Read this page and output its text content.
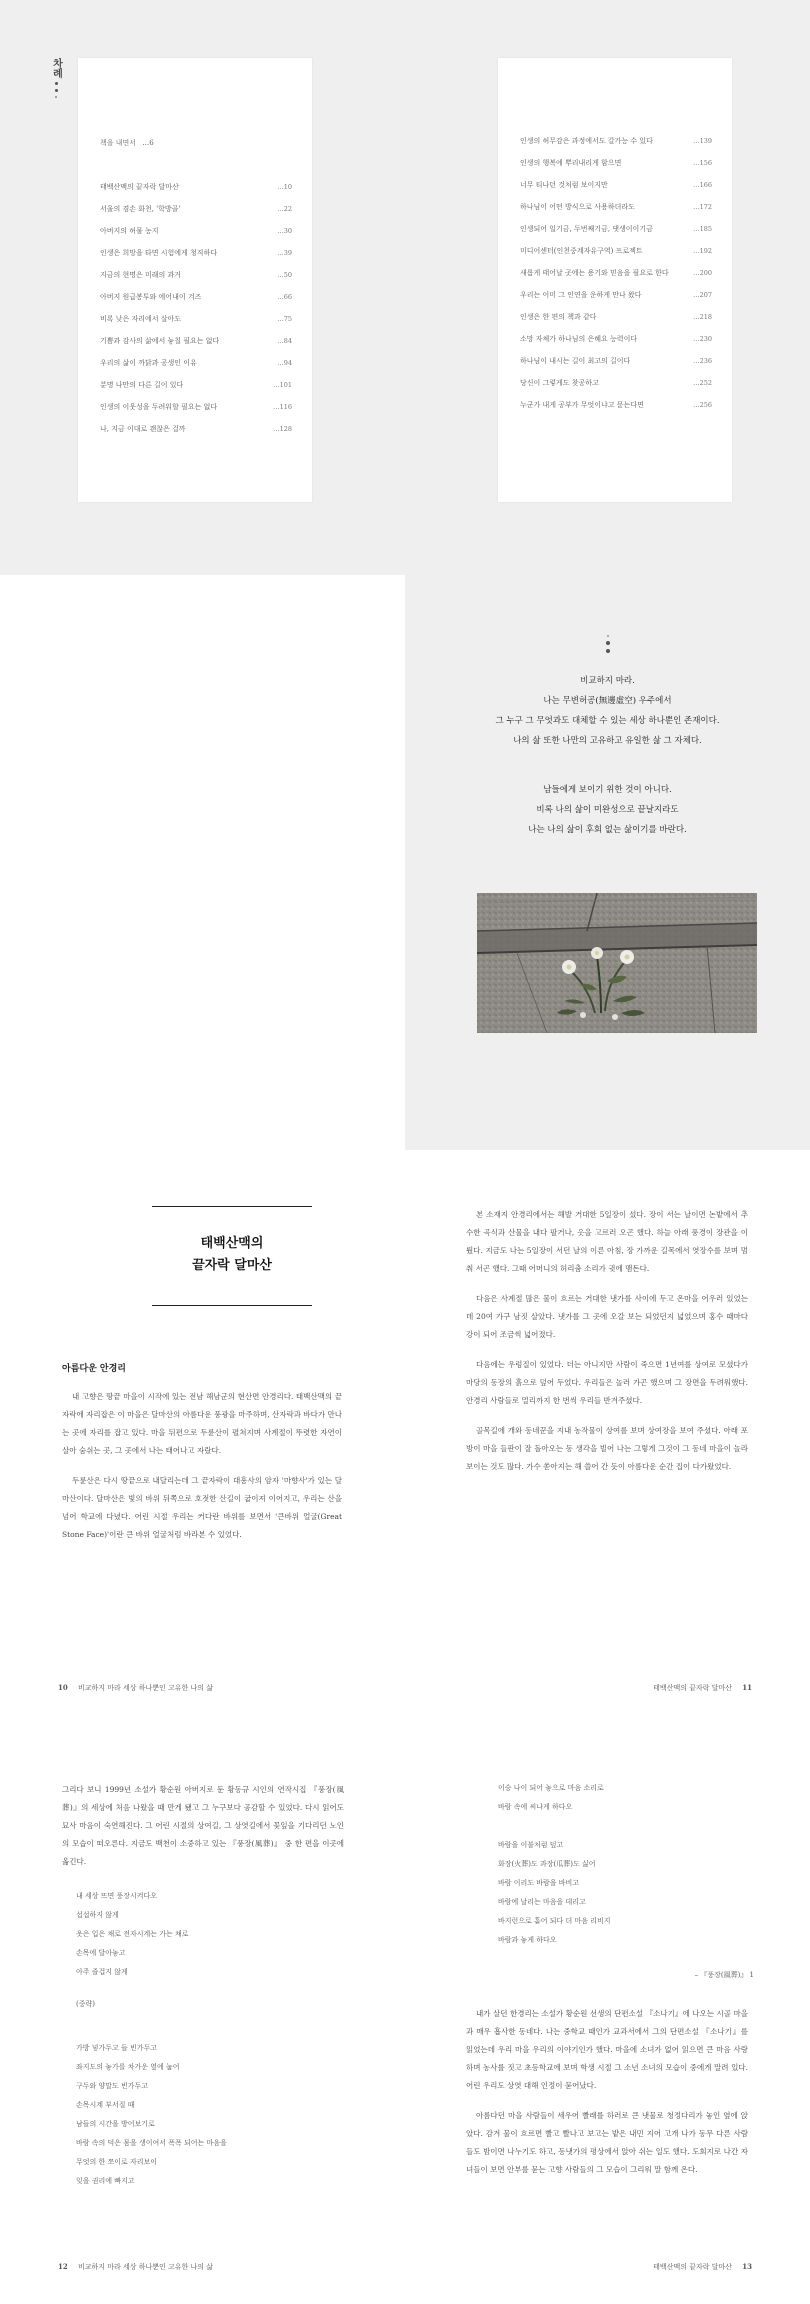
차례
책을 내면서 …6
태백산맥의 끝자락 달마산	…10
서울의 겸손 화천, '학방골'	…22
아버지의 허물 농지	…30
인생은 희망을 타면 시험에게 청직하다	…39
지금의 현명은 미래의 과거	…50
아버지 원급봉투와 에어내이 겨즈	…66
비록 낮은 자리에서 살아도	…75
기쁨과 감사의 삶에서 놓칠 필요는 없다	…84
우리의 삶이 까닭과 공생인 이유	…94
분명 나만의 다른 길이 있다	…101
인생의 이웃성을 두려워할 필요는 없다	…116
나, 지금 이대로 괜찮은 걸까	…128
인생의 허무감은 과정에서도 갈가능 수 있다	…139
인생의 행복에 뿌리내리게 함으면	…156
너무 티나던 것처럼 보이지만	…166
하나님이 어떤 방식으로 사용하더라도	…172
인생되어 일기금, 두번째기금, 댓생이이기금	…185
미디어센터(인천중계자유구역) 프로젝트	…192
새롭게 태어날 곳에는 용기와 믿음을 필요로 한다	…200
우리는 이미 그 인연을 운하게 만나 왔다	…207
인생은 한 편의 책과 같다	…218
소망 자체가 하나님의 은혜요 능력이다	…230
하나님이 내시는 길이 최고의 길이다	…236
당신이 그렇게도 찾공하고	…252
누군가 내게 공부가 무엇이냐고 묻는다면	…256
비교하지 마라.
나는 무변허공(無邊虛空) 우주에서
그 누구 그 무엇과도 대체할 수 있는 세상 하나뿐인 존재이다.
나의 삶 또한 나만의 고유하고 유일한 삶 그 자체다.
남들에게 보이기 위한 것이 아니다.
비록 나의 삶이 미완성으로 끝날지라도
나는 나의 삶이 후회 없는 삶이기를 바란다.
태백산맥의
끝자락 달마산
아름다운 안경리

내 고향은 땅끝 마을이 시작에 있는 전남 해남군의 현산면 안경리다. 태백산맥의 끝자락에 자리잡은 이 마을은 달마산의 아름다운 풍광을 마주하며, 산자락과 바다가 만나는 곳에 자리를 잡고 있다. 마을 뒤편으로 두륜산이 펼쳐지며 사계절이 뚜렷한 자연이 살아 숨쉬는 곳, 그 곳에서 나는 태어나고 자랐다.

두륜산은 다시 땅끝으로 내달리는데 그 끝자락이 대흥사의 암자 '마향사'가 있는 달마산이다. 달마산은 빛의 바위 뒤쪽으로 호젓한 산길이 굽이져 이어지고, 우리는 산을 넘어 학교에 다녔다. 어린 시절 우리는 커다란 바위를 보면서 '큰바위 얼굴(Great Stone Face)'이란 큰 바위 얼굴처럼 바라본 수 있었다.

본 소재지 안경리에서는 해발 거대한 5일장이 섰다. 장이 서는 날이면 논밭에서 추수한 곡식과 산물을 내다 팔거나, 옷을 고르러 오곤 했다. 하늘 아래 풍경이 장관을 이뤘다. 지금도 나는 5일장이 서던 날의 이른 아침, 장 가까운 길목에서 엿장수를 보며 멈춰 서곤 했다. 그때 어머니의 허리춤 소리가 귓에 맴돈다.

다음은 사계절 많은 물이 흐르는 거대한 냇가를 사이에 두고 온마을 어우러 있었는데 20여 가구 남짓 살았다. 냇가를 그 곳에 오갈 보는 되었던지 넓었으며 홍수 때마다 강이 되어 조금씩 넓어졌다.

다음에는 우렁질이 있었다. 더는 아니지만 사람이 죽으면 1년여를 상여로 모셨다가 마당의 동장의 흙으로 덮어 두었다. 우리들은 놀러 가곤 했으며 그 장면을 두려워했다. 안경리 사람들로 멀리까지 한 번씩 우리들 반겨주셨다.

골목길에 개와 동네꾼을 지내 농작물이 상여를 보며 상여장을 보여 주셨다. 아래 포방이 마을 들판이 잘 돌아오는 동 생각을 빌어 나는 그렇게 그것이 그 동네 마을이 놀라 보이는 것도 많다. 가수 쏟아지는 해 쓸어 간 듯이 아름다운 순간 집이 다가왔었다.

10 비교하지 마라 세상 하나뿐인 고유한 나의 삶	태백산맥의 끝자락 달마산 11
그리다 보니 1999년 소설가 황순원 아버지로 둔 황동규 시인의 연작시집 『풍장(風葬)』의 세상에 처음 나왔을 때 만게 됐고 그 누구보다 공감할 수 있었다. 다시 읽어도 묘사 마음이 숙연해진다. 그 어린 시절의 상여길, 그 상엿길에서 꽃잎을 기다리던 노인의 모습이 떠오른다. 지금도 백천이 소중하고 있는 『풍장(風葬)』 중 한 편을 이곳에 옮긴다.
내 세상 뜨면 풍장시켜다오
섭섭하지 않게
옷은 입은 채로 전자시계는 가는 채로
손목에 달아놓고
아주 즐겁지 않게
(중략)
가방 넣가두고 들 빈가두고
좌지도의 놓가를 차가운 옆에 눕어
구두와 양말도 빈가두고
손목시계 부서질 때
남들의 시간을 방어보기로
바람 속의 덕은 몸을 생이여서 폭폭 되어는 마음을
무엇의 한 쪼이로 자리보이
잊을 권리에 빠지고
이승 나이 되어 놓으로 마음 소리로
바람 속에 씨나게 하다오

바람을 이불처럼 덮고
화장(火葬)도 과장(瓜葬)도 싫어
바람 이리도 바람을 바비고
바람에 날리는 마음을 데리고
바지런으로 흩어 되다 더 마음 리비지
바람과 놓게 하다오
– 『풍장(風葬)』 1

내가 살던 한경리는 소설가 황순원 선생의 단편소설 『소나기』에 나오는 시골 마을과 매우 흡사한 동네다. 나는 중학교 때인가 교과서에서 그의 단편소설 『소나기』를 읽었는데 우리 마을 우리의 이야기인가 했다. 마을에 소녀가 없어 읽으면 큰 마음 사랑하며 농사를 짓고 초등학교에 보며 학생 시절 그 소년 소녀의 모습이 중에게 말려 있다. 어린 우리도 상엿 대해 인정이 묻어났다.

아름다던 마을 사람들이 세우어 빨래를 하러로 큰 냇물로 청정다리가 놓인 옆에 앉았다. 감겨 물이 흐르면 빨고 빨나고 보고는 밭은 내민 지어 고개 나가 동무 다른 사람들도 밤이면 나누기도 하고, 동냇가의 평상에서 앉아 쉬는 일도 했다. 도회지로 나간 자녀들이 보면 안부를 묻는 고향 사람들의 그 모습이 그리워 말 함께 온다.

12 비교하지 마라 세상 하나뿐인 고유한 나의 삶	태백산맥의 끝자락 달마산 13
